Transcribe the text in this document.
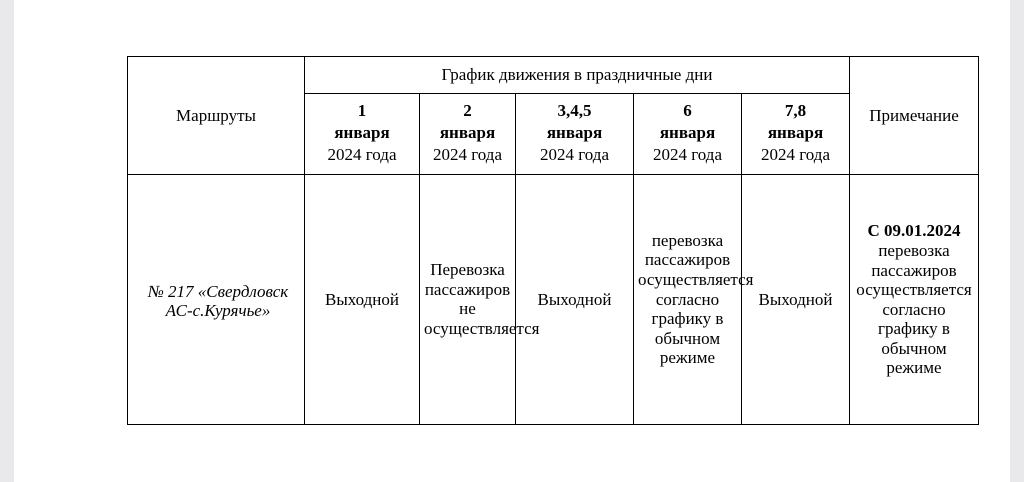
Маршруты	График движения в праздничные дни					Примечание

	1
января
2024 года	2
января
2024 года	3,4,5
января
2024 года	6
января
2024 года	7,8
января
2024 года	

№ 217 «Свердловск АС-с.Курячье»	Выходной	Перевозка пассажиров не осуществляется	Выходной	перевозка пассажиров осуществляется согласно графику в обычном режиме	Выходной	С 09.01.2024
перевозка пассажиров осуществляется согласно графику в обычном режиме
